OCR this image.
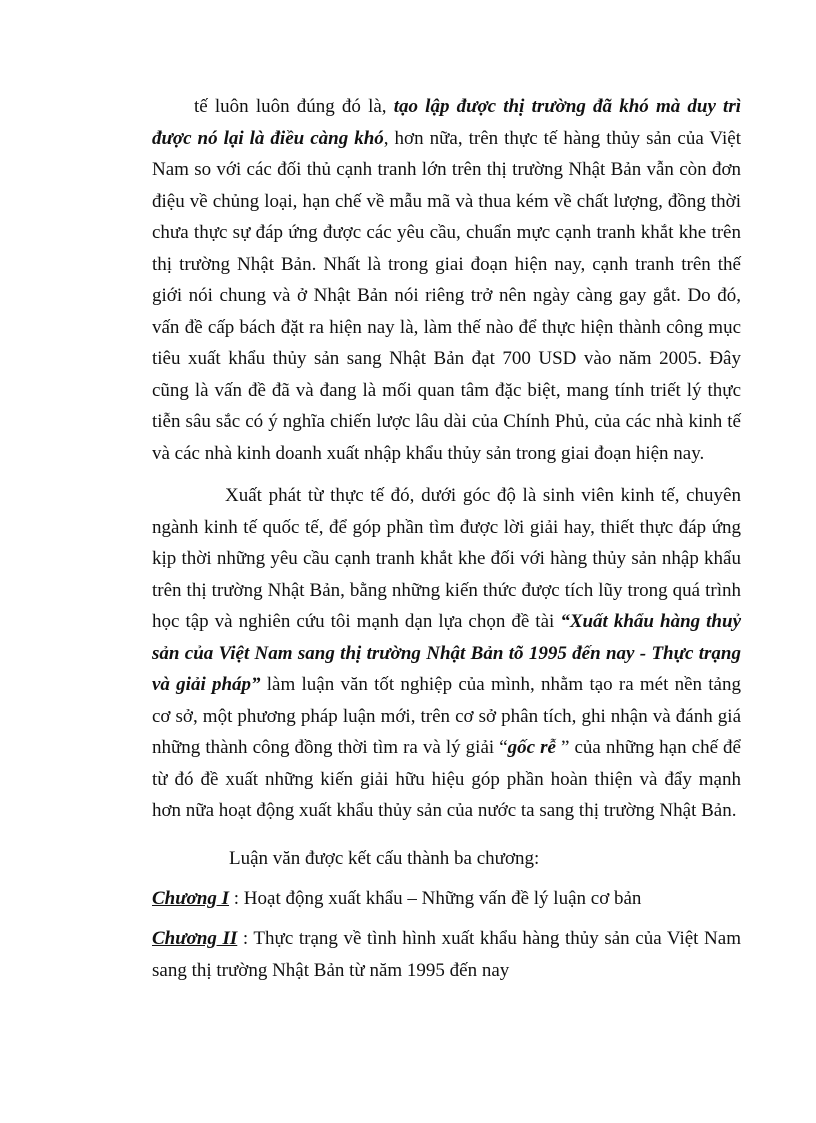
tế luôn luôn đúng đó là, tạo lập được thị trường đã khó mà duy trì được nó lại là điều càng khó, hơn nữa, trên thực tế hàng thủy sản của Việt Nam so với các đối thủ cạnh tranh lớn trên thị trường Nhật Bản vẫn còn đơn điệu về chủng loại, hạn chế về mẫu mã và thua kém về chất lượng, đồng thời chưa thực sự đáp ứng được các yêu cầu, chuẩn mực cạnh tranh khắt khe trên thị trường Nhật Bản. Nhất là trong giai đoạn hiện nay, cạnh tranh trên thế giới nói chung và ở Nhật Bản nói riêng trở nên ngày càng gay gắt. Do đó, vấn đề cấp bách đặt ra hiện nay là, làm thế nào để thực hiện thành công mục tiêu xuất khẩu thủy sản sang Nhật Bản đạt 700 USD vào năm 2005. Đây cũng là vấn đề đã và đang là mối quan tâm đặc biệt, mang tính triết lý thực tiễn sâu sắc có ý nghĩa chiến lược lâu dài của Chính Phủ, của các nhà kinh tế và các nhà kinh doanh xuất nhập khẩu thủy sản trong giai đoạn hiện nay.

Xuất phát từ thực tế đó, dưới góc độ là sinh viên kinh tế, chuyên ngành kinh tế quốc tế, để góp phần tìm được lời giải hay, thiết thực đáp ứng kịp thời những yêu cầu cạnh tranh khắt khe đối với hàng thủy sản nhập khẩu trên thị trường Nhật Bản, bằng những kiến thức được tích lũy trong quá trình học tập và nghiên cứu tôi mạnh dạn lựa chọn đề tài “Xuất khẩu hàng thuỷ sản của Việt Nam sang thị trường Nhật Bản tõ 1995 đến nay - Thực trạng và giải pháp” làm luận văn tốt nghiệp của mình, nhằm tạo ra mét nền tảng cơ sở, một phương pháp luận mới, trên cơ sở phân tích, ghi nhận và đánh giá những thành công đồng thời tìm ra và lý giải “gốc rễ ” của những hạn chế để từ đó đề xuất những kiến giải hữu hiệu góp phần hoàn thiện và đẩy mạnh hơn nữa hoạt động xuất khẩu thủy sản của nước ta sang thị trường Nhật Bản.

Luận văn được kết cấu thành ba chương:

Chương I : Hoạt động xuất khẩu – Những vấn đề lý luận cơ bản

Chương II : Thực trạng về tình hình xuất khẩu hàng thủy sản của Việt Nam sang thị trường Nhật Bản từ năm 1995 đến nay
